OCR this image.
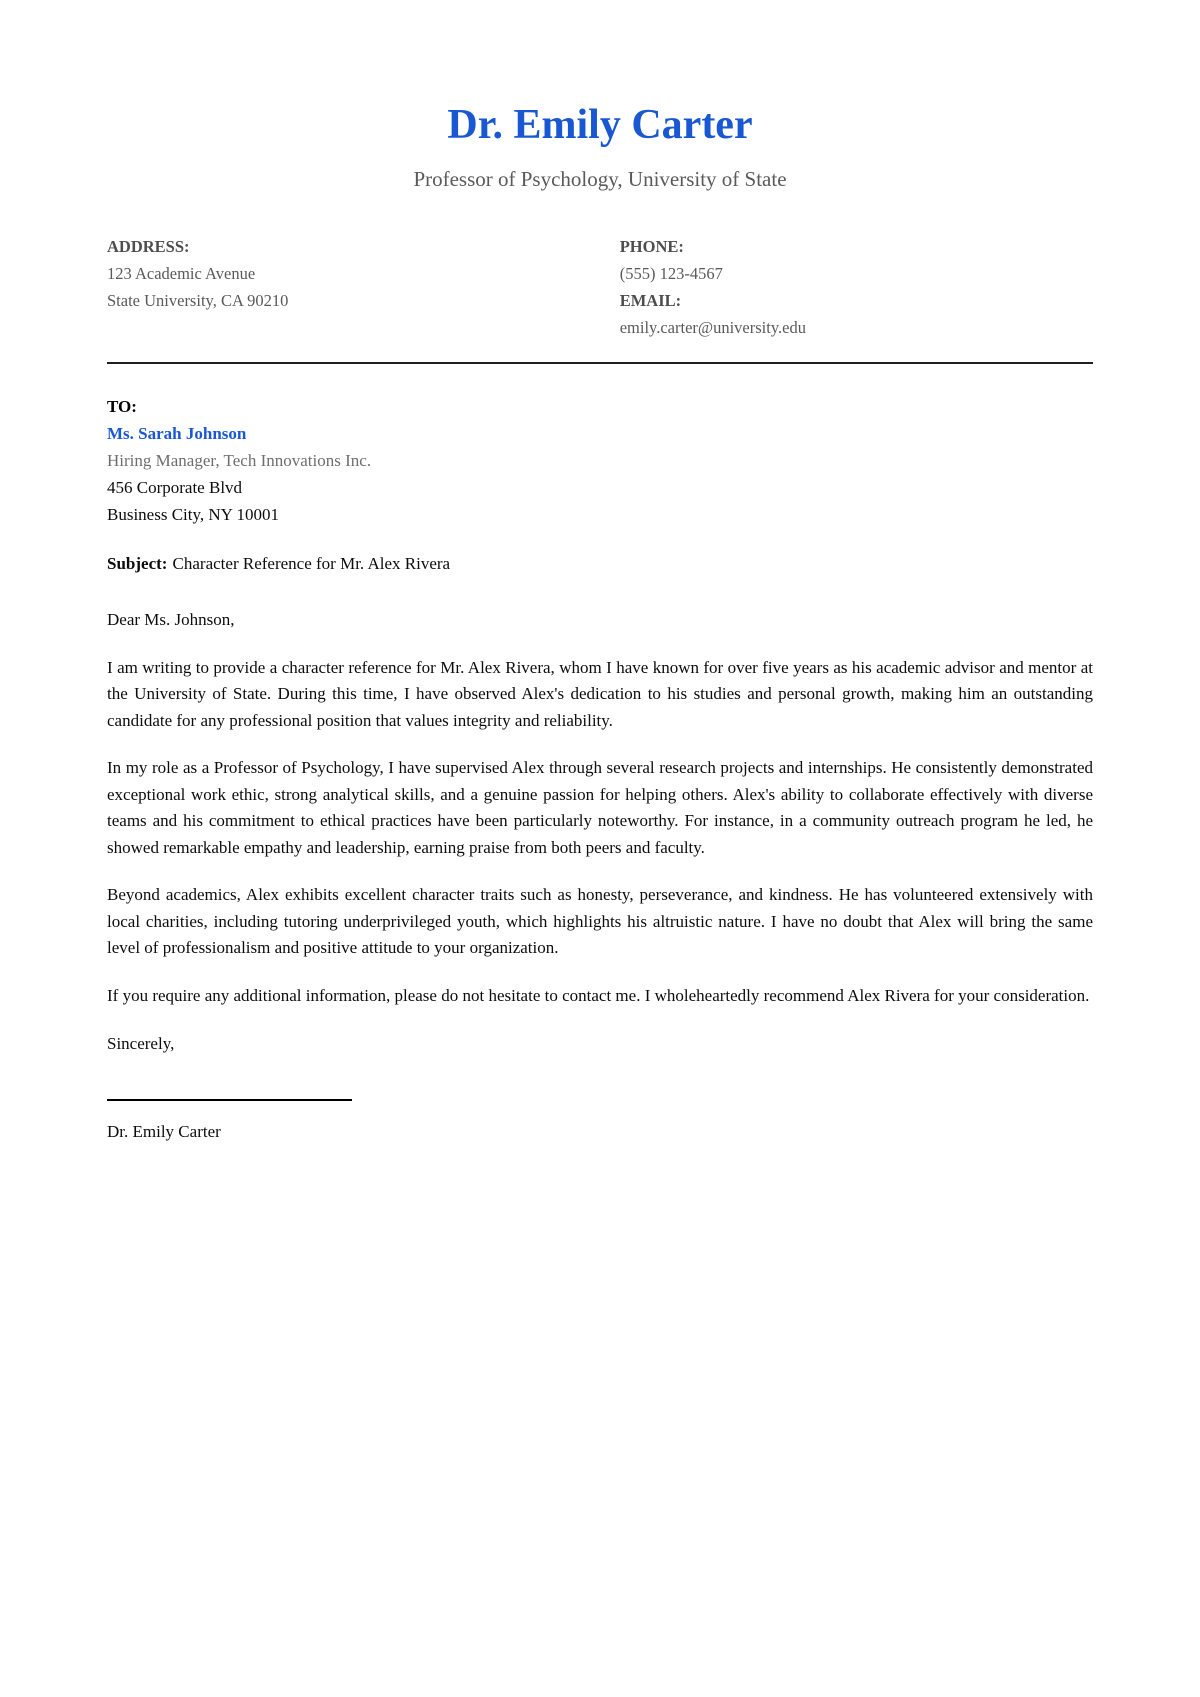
Dr. Emily Carter
Professor of Psychology, University of State
ADDRESS:
123 Academic Avenue
State University, CA 90210
PHONE:
(555) 123-4567
EMAIL:
emily.carter@university.edu
TO:
Ms. Sarah Johnson
Hiring Manager, Tech Innovations Inc.
456 Corporate Blvd
Business City, NY 10001
Subject: Character Reference for Mr. Alex Rivera

Dear Ms. Johnson,

I am writing to provide a character reference for Mr. Alex Rivera, whom I have known for over five years as his academic advisor and mentor at the University of State. During this time, I have observed Alex's dedication to his studies and personal growth, making him an outstanding candidate for any professional position that values integrity and reliability.

In my role as a Professor of Psychology, I have supervised Alex through several research projects and internships. He consistently demonstrated exceptional work ethic, strong analytical skills, and a genuine passion for helping others. Alex's ability to collaborate effectively with diverse teams and his commitment to ethical practices have been particularly noteworthy. For instance, in a community outreach program he led, he showed remarkable empathy and leadership, earning praise from both peers and faculty.

Beyond academics, Alex exhibits excellent character traits such as honesty, perseverance, and kindness. He has volunteered extensively with local charities, including tutoring underprivileged youth, which highlights his altruistic nature. I have no doubt that Alex will bring the same level of professionalism and positive attitude to your organization.

If you require any additional information, please do not hesitate to contact me. I wholeheartedly recommend Alex Rivera for your consideration.

Sincerely,

Dr. Emily Carter
